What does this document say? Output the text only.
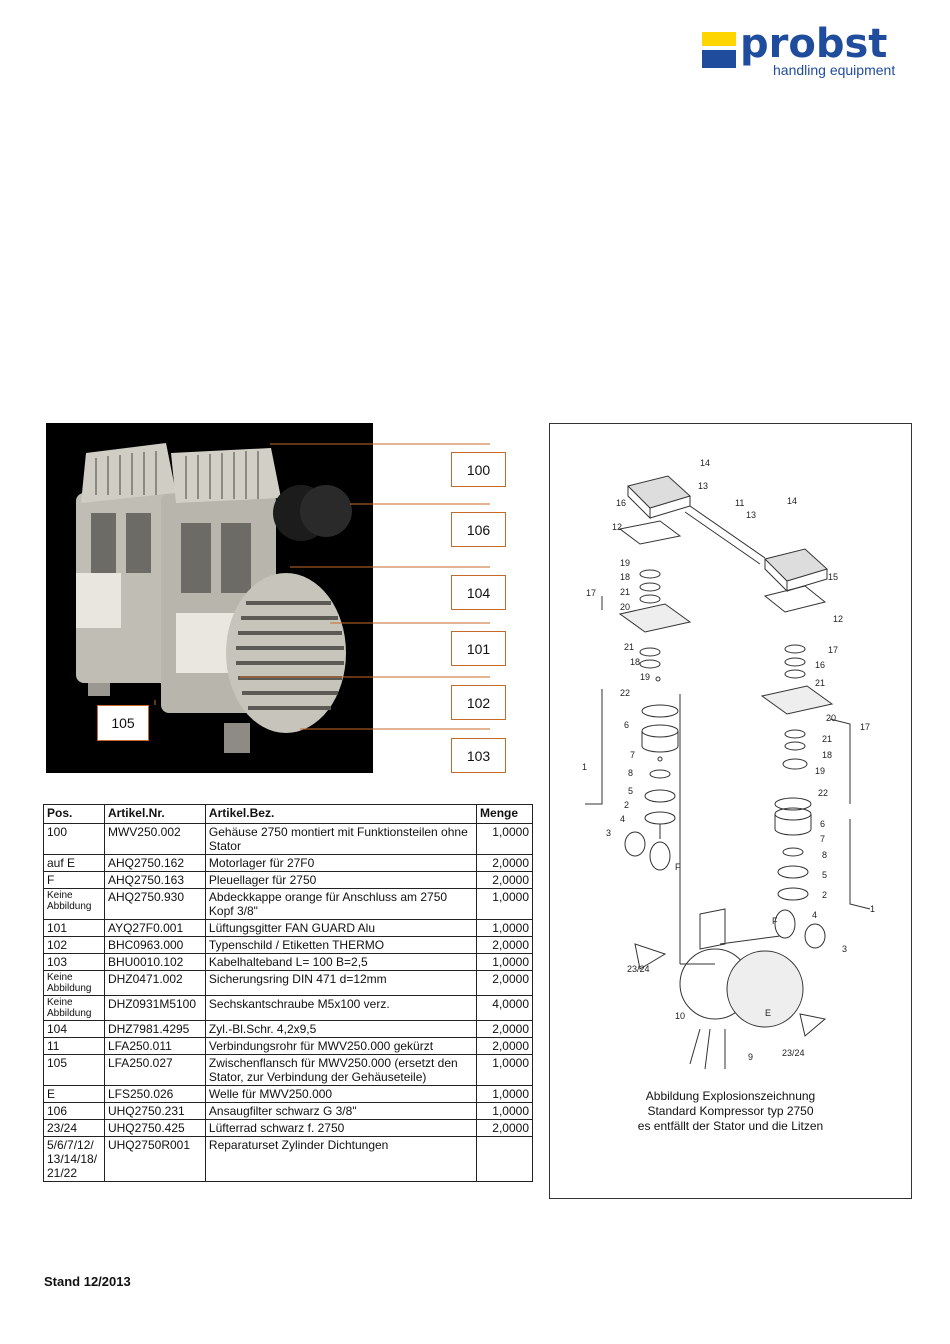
probst
handling equipment
100
106
104
101
102
103
105
Pos.	Artikel.Nr.	Artikel.Bez.	Menge
100	MWV250.002	Gehäuse 2750 montiert mit Funktionsteilen ohne Stator	1,0000
auf E	AHQ2750.162	Motorlager für 27F0	2,0000
F	AHQ2750.163	Pleuellager für 2750	2,0000
Keine Abbildung	AHQ2750.930	Abdeckkappe orange für Anschluss am 2750 Kopf 3/8"	1,0000
101	AYQ27F0.001	Lüftungsgitter FAN GUARD Alu	1,0000
102	BHC0963.000	Typenschild / Etiketten THERMO	2,0000
103	BHU0010.102	Kabelhalteband L= 100 B=2,5	1,0000
Keine Abbildung	DHZ0471.002	Sicherungsring DIN 471 d=12mm	2,0000
Keine Abbildung	DHZ0931M5100	Sechskantschraube M5x100 verz.	4,0000
104	DHZ7981.4295	Zyl.-Bl.Schr. 4,2x9,5	2,0000
11	LFA250.011	Verbindungsrohr für MWV250.000 gekürzt	2,0000
105	LFA250.027	Zwischenflansch für MWV250.000 (ersetzt den Stator, zur Verbindung der Gehäuseteile)	1,0000
E	LFS250.026	Welle für MWV250.000	1,0000
106	UHQ2750.231	Ansaugfilter schwarz G 3/8"	1,0000
23/24	UHQ2750.425	Lüfterrad schwarz f. 2750	2,0000
5/6/7/12/ 13/14/18/ 21/22	UHQ2750R001	Reparaturset Zylinder Dichtungen	
14
13
11
13
14
16
12
15
12
19
18
21
20
17
21
18
19
17
16
21
20
17
21
18
19
22
22
6
7
8
5
2
4
3
F
1
6
7
8
5
2
F
4
3
1
23/24
10	E
9	23/24
Abbildung Explosionszeichnung
Standard Kompressor typ 2750
es entfällt der Stator und die Litzen
Stand 12/2013
